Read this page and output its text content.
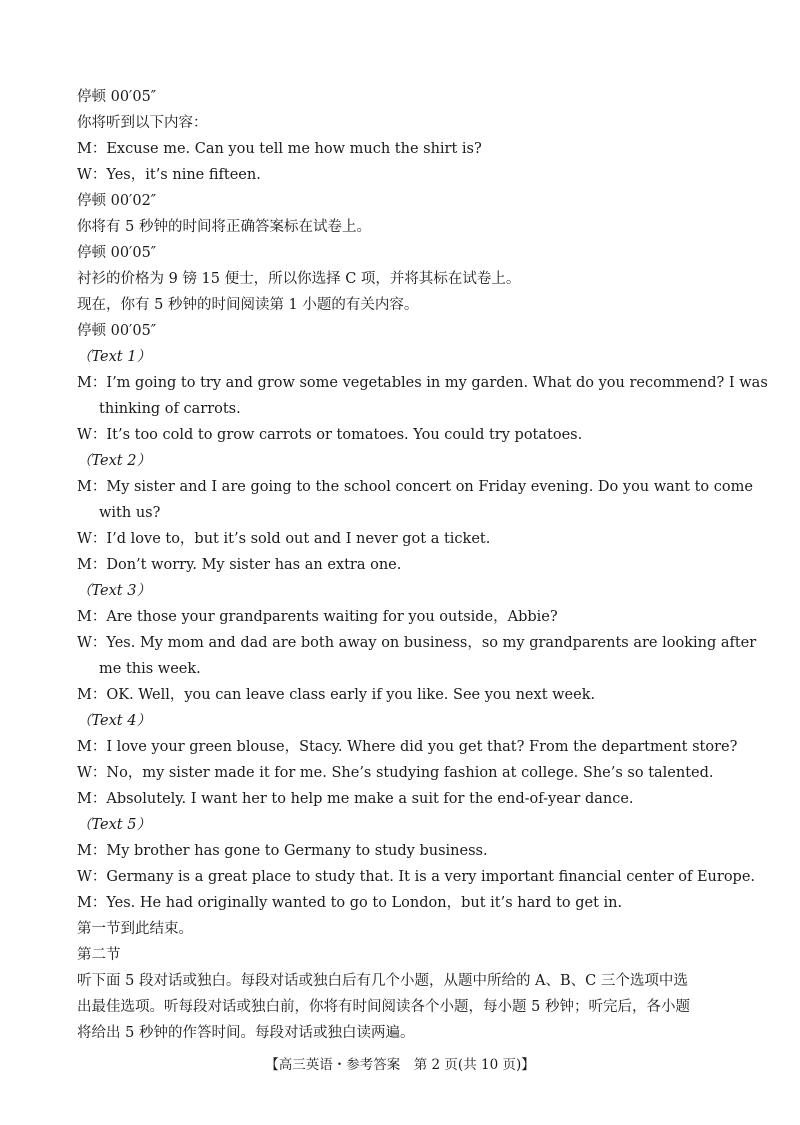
停顿 00′05″
你将听到以下内容：
M：Excuse me. Can you tell me how much the shirt is?
W：Yes，it’s nine fifteen.
停顿 00′02″
你将有 5 秒钟的时间将正确答案标在试卷上。
停顿 00′05″
衬衫的价格为 9 镑 15 便士，所以你选择 C 项，并将其标在试卷上。
现在，你有 5 秒钟的时间阅读第 1 小题的有关内容。
停顿 00′05″
（Text 1）
M：I’m going to try and grow some vegetables in my garden. What do you recommend? I was
thinking of carrots.
W：It’s too cold to grow carrots or tomatoes. You could try potatoes.
（Text 2）
M：My sister and I are going to the school concert on Friday evening. Do you want to come
with us?
W：I’d love to，but it’s sold out and I never got a ticket.
M：Don’t worry. My sister has an extra one.
（Text 3）
M：Are those your grandparents waiting for you outside，Abbie?
W：Yes. My mom and dad are both away on business，so my grandparents are looking after
me this week.
M：OK. Well，you can leave class early if you like. See you next week.
（Text 4）
M：I love your green blouse，Stacy. Where did you get that? From the department store?
W：No，my sister made it for me. She’s studying fashion at college. She’s so talented.
M：Absolutely. I want her to help me make a suit for the end-of-year dance.
（Text 5）
M：My brother has gone to Germany to study business.
W：Germany is a great place to study that. It is a very important financial center of Europe.
M：Yes. He had originally wanted to go to London，but it’s hard to get in.
第一节到此结束。
第二节
听下面 5 段对话或独白。每段对话或独白后有几个小题，从题中所给的 A、B、C 三个选项中选
出最佳选项。听每段对话或独白前，你将有时间阅读各个小题，每小题 5 秒钟；听完后，各小题
将给出 5 秒钟的作答时间。每段对话或独白读两遍。
【高三英语・参考答案　第 2 页(共 10 页)】
